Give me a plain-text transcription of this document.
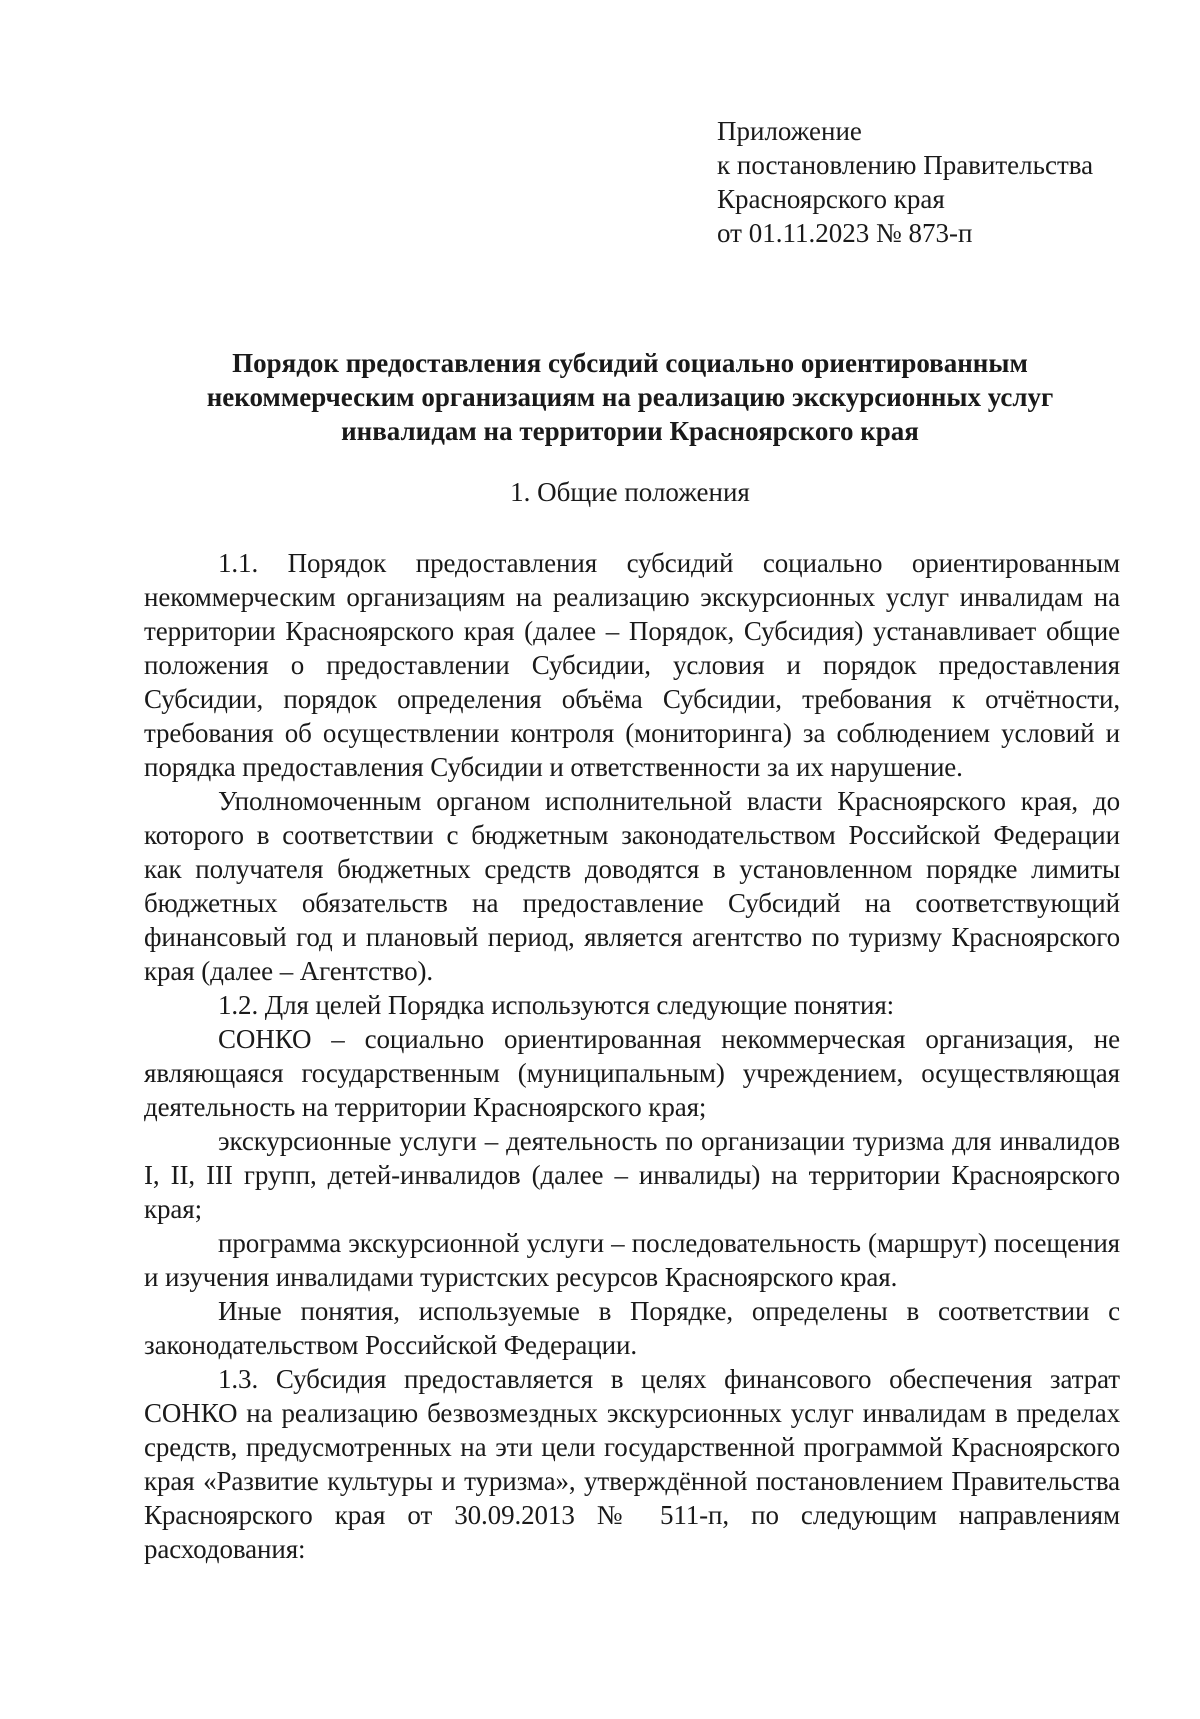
Приложение
к постановлению Правительства
Красноярского края
от 01.11.2023 № 873-п
Порядок предоставления субсидий социально ориентированным
некоммерческим организациям на реализацию экскурсионных услуг
инвалидам на территории Красноярского края
1. Общие положения

1.1. Порядок предоставления субсидий социально ориентированным некоммерческим организациям на реализацию экскурсионных услуг инвалидам на территории Красноярского края (далее – Порядок, Субсидия) устанавливает общие положения о предоставлении Субсидии, условия и порядок предоставления Субсидии, порядок определения объёма Субсидии, требования к отчётности, требования об осуществлении контроля (мониторинга) за соблюдением условий и порядка предоставления Субсидии и ответственности за их нарушение.

Уполномоченным органом исполнительной власти Красноярского края, до которого в соответствии с бюджетным законодательством Российской Федерации как получателя бюджетных средств доводятся в установленном порядке лимиты бюджетных обязательств на предоставление Субсидий на соответствующий финансовый год и плановый период, является агентство по туризму Красноярского края (далее – Агентство).

1.2. Для целей Порядка используются следующие понятия:

СОНКО – социально ориентированная некоммерческая организация, не являющаяся государственным (муниципальным) учреждением, осуществляющая деятельность на территории Красноярского края;

экскурсионные услуги – деятельность по организации туризма для инвалидов I, II, III групп, детей-инвалидов (далее – инвалиды) на территории Красноярского края;

программа экскурсионной услуги – последовательность (маршрут) посещения и изучения инвалидами туристских ресурсов Красноярского края.

Иные понятия, используемые в Порядке, определены в соответствии с законодательством Российской Федерации.

1.3. Субсидия предоставляется в целях финансового обеспечения затрат СОНКО на реализацию безвозмездных экскурсионных услуг инвалидам в пределах средств, предусмотренных на эти цели государственной программой Красноярского края «Развитие культуры и туризма», утверждённой постановлением Правительства Красноярского края от 30.09.2013 № 511-п, по следующим направлениям расходования:
